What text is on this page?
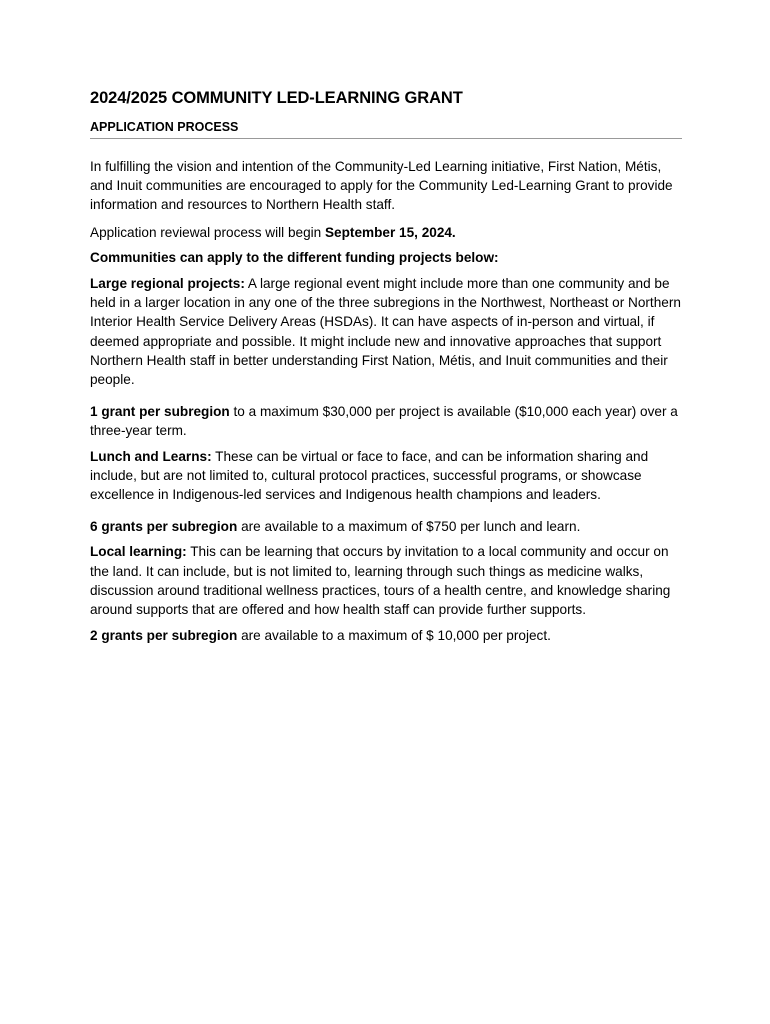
2024/2025 COMMUNITY LED-LEARNING GRANT
APPLICATION PROCESS

In fulfilling the vision and intention of the Community-Led Learning initiative, First Nation, Métis, and Inuit communities are encouraged to apply for the Community Led-Learning Grant to provide information and resources to Northern Health staff.

Application reviewal process will begin September 15, 2024.

Communities can apply to the different funding projects below:

Large regional projects: A large regional event might include more than one community and be held in a larger location in any one of the three subregions in the Northwest, Northeast or Northern Interior Health Service Delivery Areas (HSDAs). It can have aspects of in-person and virtual, if deemed appropriate and possible. It might include new and innovative approaches that support Northern Health staff in better understanding First Nation, Métis, and Inuit communities and their people.

1 grant per subregion to a maximum $30,000 per project is available ($10,000 each year) over a three-year term.

Lunch and Learns: These can be virtual or face to face, and can be information sharing and include, but are not limited to, cultural protocol practices, successful programs, or showcase excellence in Indigenous-led services and Indigenous health champions and leaders.

6 grants per subregion are available to a maximum of $750 per lunch and learn.

Local learning: This can be learning that occurs by invitation to a local community and occur on the land. It can include, but is not limited to, learning through such things as medicine walks, discussion around traditional wellness practices, tours of a health centre, and knowledge sharing around supports that are offered and how health staff can provide further supports.

2 grants per subregion are available to a maximum of $ 10,000 per project.
